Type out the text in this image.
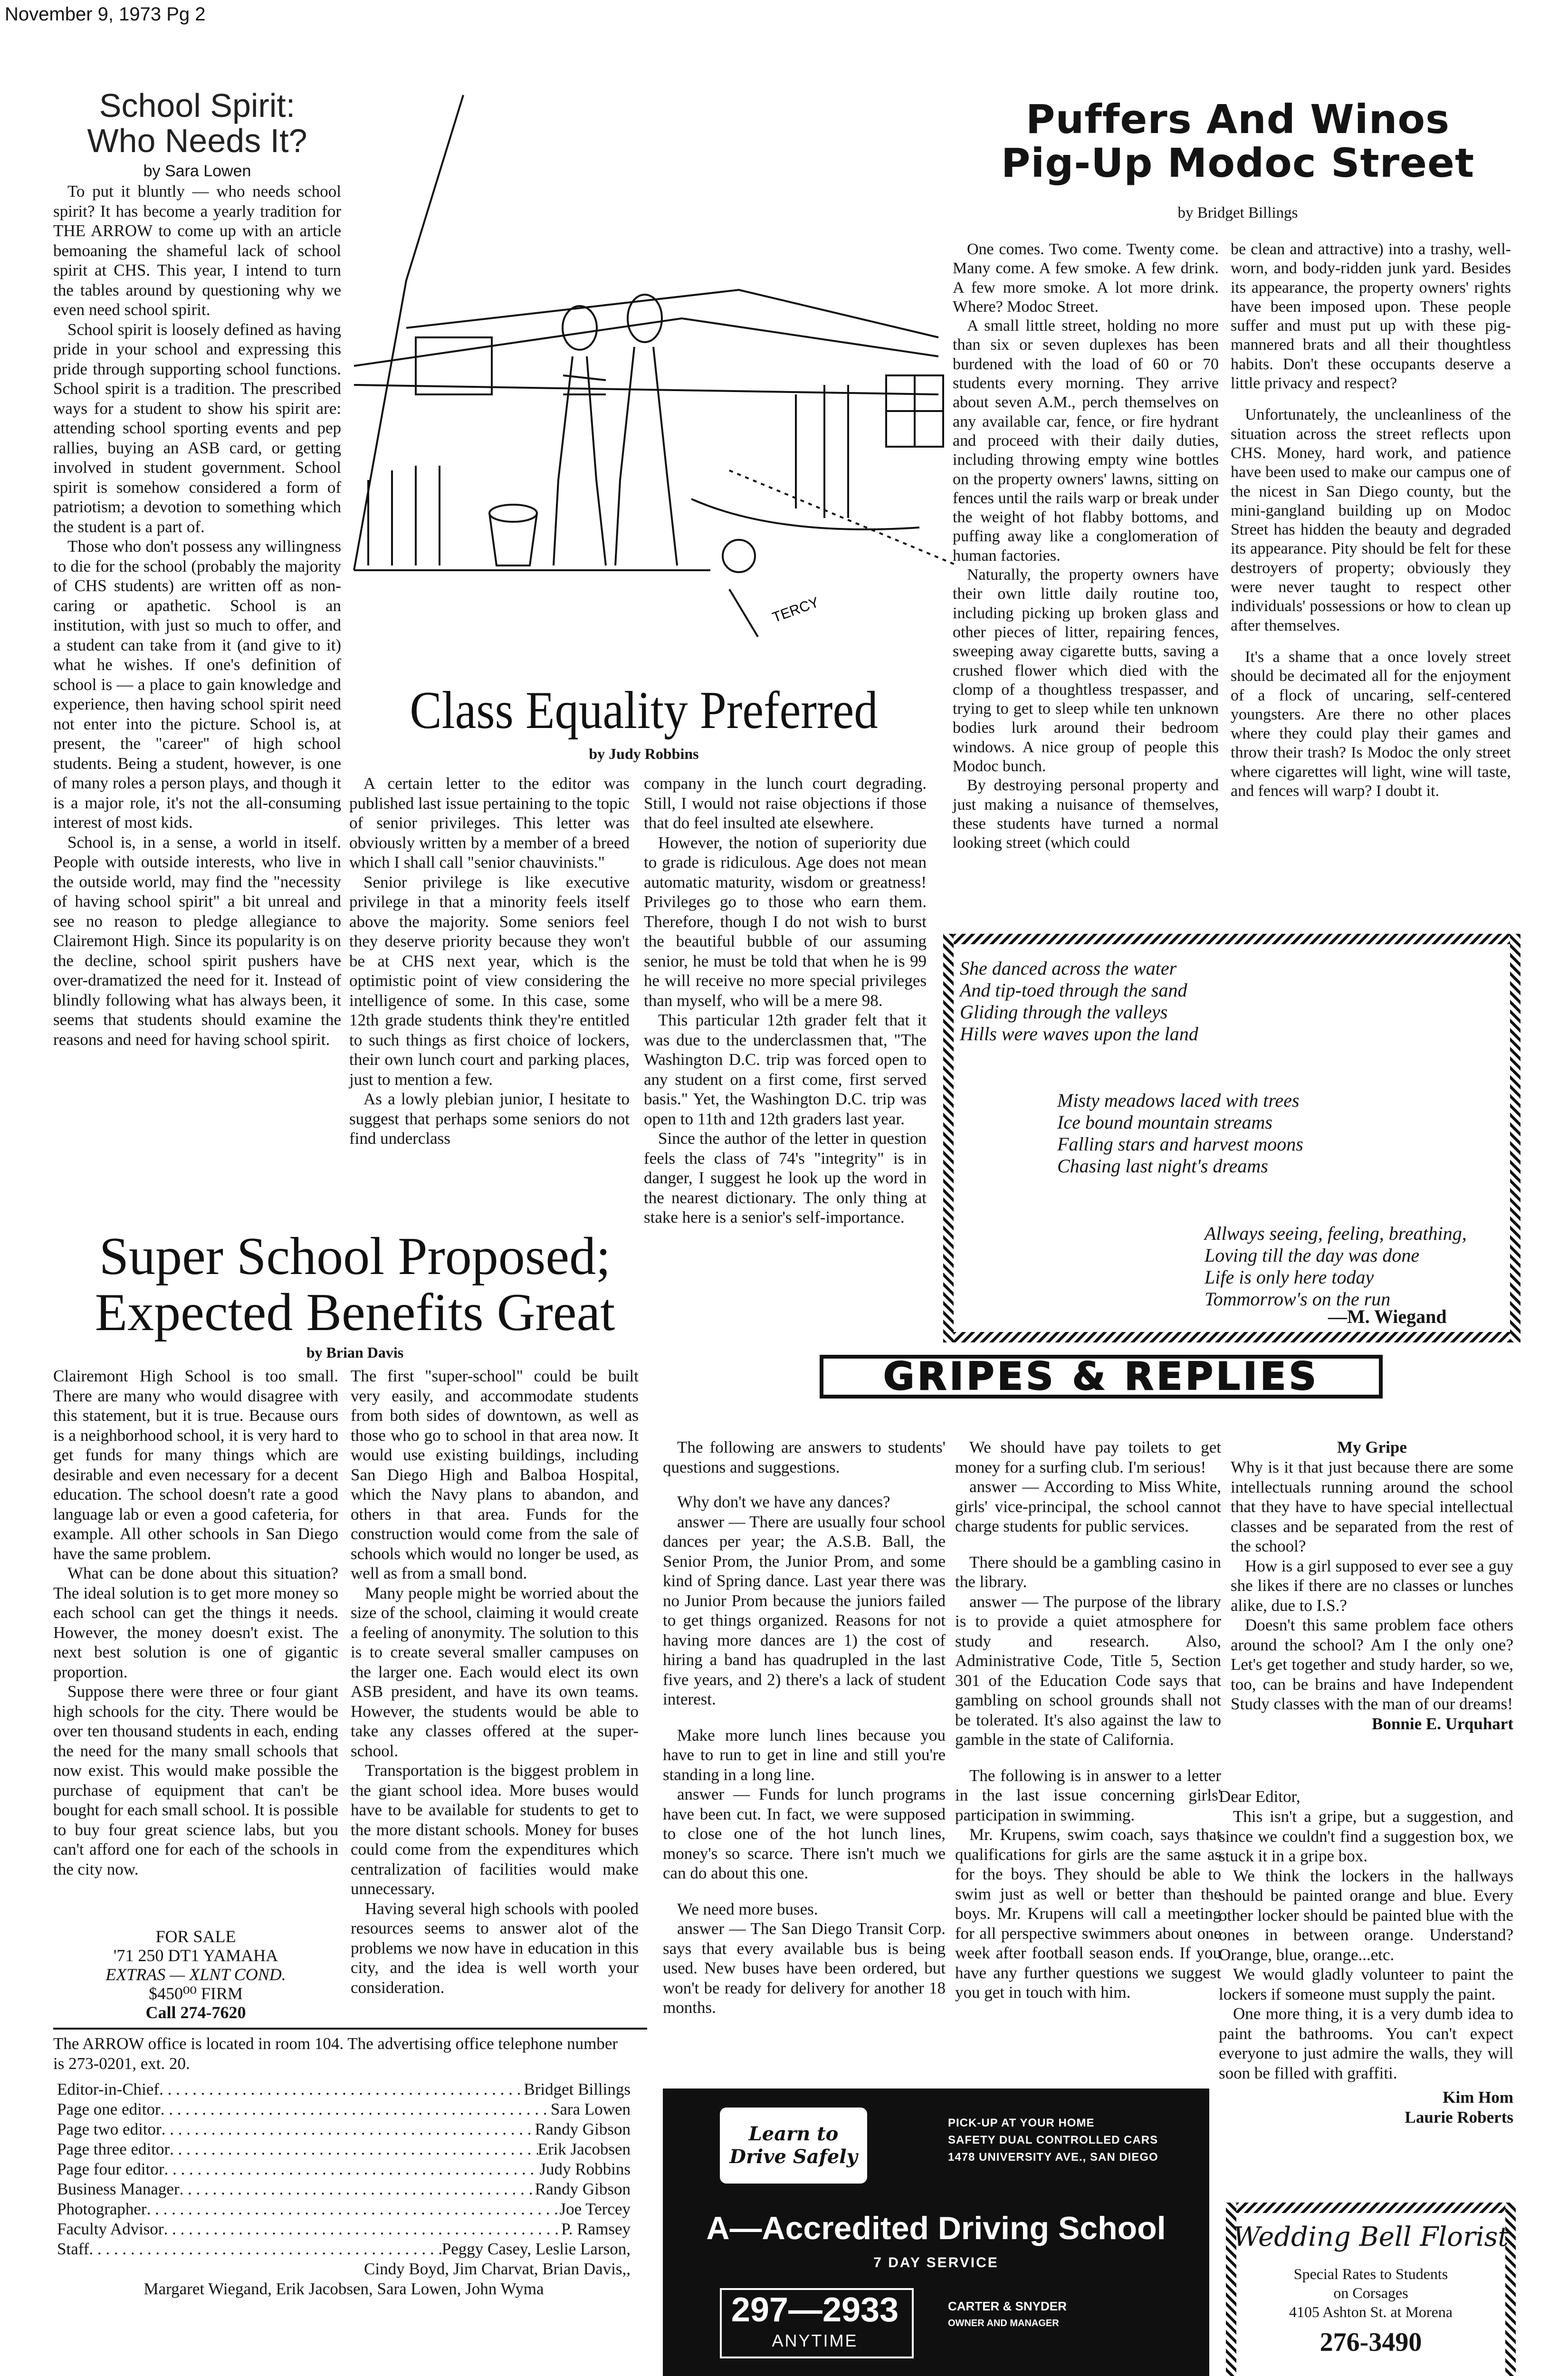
November 9, 1973 Pg 2
School Spirit:
Who Needs It?
by Sara Lowen

To put it bluntly — who needs school spirit? It has become a yearly tradition for THE ARROW to come up with an article bemoaning the shameful lack of school spirit at CHS. This year, I intend to turn the tables around by questioning why we even need school spirit.

School spirit is loosely defined as having pride in your school and expressing this pride through supporting school functions. School spirit is a tradition. The prescribed ways for a student to show his spirit are: attending school sporting events and pep rallies, buying an ASB card, or getting involved in student government. School spirit is somehow considered a form of patriotism; a devotion to something which the student is a part of.

Those who don't possess any willingness to die for the school (probably the majority of CHS students) are written off as non-caring or apathetic. School is an institution, with just so much to offer, and a student can take from it (and give to it) what he wishes. If one's definition of school is — a place to gain knowledge and experience, then having school spirit need not enter into the picture. School is, at present, the "career" of high school students. Being a student, however, is one of many roles a person plays, and though it is a major role, it's not the all-consuming interest of most kids.

School is, in a sense, a world in itself. People with outside interests, who live in the outside world, may find the "necessity of having school spirit" a bit unreal and see no reason to pledge allegiance to Clairemont High. Since its popularity is on the decline, school spirit pushers have over-dramatized the need for it. Instead of blindly following what has always been, it seems that students should examine the reasons and need for having school spirit.

TERCY
Class Equality Preferred
by Judy Robbins

A certain letter to the editor was published last issue pertaining to the topic of senior privileges. This letter was obviously written by a member of a breed which I shall call "senior chauvinists."

Senior privilege is like executive privilege in that a minority feels itself above the majority. Some seniors feel they deserve priority because they won't be at CHS next year, which is the optimistic point of view considering the intelligence of some. In this case, some 12th grade students think they're entitled to such things as first choice of lockers, their own lunch court and parking places, just to mention a few.

As a lowly plebian junior, I hesitate to suggest that perhaps some seniors do not find underclass

company in the lunch court degrading. Still, I would not raise objections if those that do feel insulted ate elsewhere.

However, the notion of superiority due to grade is ridiculous. Age does not mean automatic maturity, wisdom or greatness! Privileges go to those who earn them. Therefore, though I do not wish to burst the beautiful bubble of our assuming senior, he must be told that when he is 99 he will receive no more special privileges than myself, who will be a mere 98.

This particular 12th grader felt that it was due to the underclassmen that, "The Washington D.C. trip was forced open to any student on a first come, first served basis." Yet, the Washington D.C. trip was open to 11th and 12th graders last year.

Since the author of the letter in question feels the class of 74's "integrity" is in danger, I suggest he look up the word in the nearest dictionary. The only thing at stake here is a senior's self-importance.

Puffers And Winos
Pig-Up Modoc Street
by Bridget Billings

One comes. Two come. Twenty come. Many come. A few smoke. A few drink. A few more smoke. A lot more drink. Where? Modoc Street.

A small little street, holding no more than six or seven duplexes has been burdened with the load of 60 or 70 students every morning. They arrive about seven A.M., perch themselves on any available car, fence, or fire hydrant and proceed with their daily duties, including throwing empty wine bottles on the property owners' lawns, sitting on fences until the rails warp or break under the weight of hot flabby bottoms, and puffing away like a conglomeration of human factories.

Naturally, the property owners have their own little daily routine too, including picking up broken glass and other pieces of litter, repairing fences, sweeping away cigarette butts, saving a crushed flower which died with the clomp of a thoughtless trespasser, and trying to get to sleep while ten unknown bodies lurk around their bedroom windows. A nice group of people this Modoc bunch.

By destroying personal property and just making a nuisance of themselves, these students have turned a normal looking street (which could

be clean and attractive) into a trashy, well-worn, and body-ridden junk yard. Besides its appearance, the property owners' rights have been imposed upon. These people suffer and must put up with these pig-mannered brats and all their thoughtless habits. Don't these occupants deserve a little privacy and respect?

Unfortunately, the uncleanliness of the situation across the street reflects upon CHS. Money, hard work, and patience have been used to make our campus one of the nicest in San Diego county, but the mini-gangland building up on Modoc Street has hidden the beauty and degraded its appearance. Pity should be felt for these destroyers of property; obviously they were never taught to respect other individuals' possessions or how to clean up after themselves.

It's a shame that a once lovely street should be decimated all for the enjoyment of a flock of uncaring, self-centered youngsters. Are there no other places where they could play their games and throw their trash? Is Modoc the only street where cigarettes will light, wine will taste, and fences will warp? I doubt it.

She danced across the water

And tip-toed through the sand

Gliding through the valleys

Hills were waves upon the land

Misty meadows laced with trees

Ice bound mountain streams

Falling stars and harvest moons

Chasing last night's dreams

Allways seeing, feeling, breathing,

Loving till the day was done

Life is only here today

Tommorrow's on the run

—M. Wiegand
Super School Proposed;
Expected Benefits Great
by Brian Davis

Clairemont High School is too small. There are many who would disagree with this statement, but it is true. Because ours is a neighborhood school, it is very hard to get funds for many things which are desirable and even necessary for a decent education. The school doesn't rate a good language lab or even a good cafeteria, for example. All other schools in San Diego have the same problem.

What can be done about this situation? The ideal solution is to get more money so each school can get the things it needs. However, the money doesn't exist. The next best solution is one of gigantic proportion.

Suppose there were three or four giant high schools for the city. There would be over ten thousand students in each, ending the need for the many small schools that now exist. This would make possible the purchase of equipment that can't be bought for each small school. It is possible to buy four great science labs, but you can't afford one for each of the schools in the city now.

The first "super-school" could be built very easily, and accommodate students from both sides of downtown, as well as those who go to school in that area now. It would use existing buildings, including San Diego High and Balboa Hospital, which the Navy plans to abandon, and others in that area. Funds for the construction would come from the sale of schools which would no longer be used, as well as from a small bond.

Many people might be worried about the size of the school, claiming it would create a feeling of anonymity. The solution to this is to create several smaller campuses on the larger one. Each would elect its own ASB president, and have its own teams. However, the students would be able to take any classes offered at the super-school.

Transportation is the biggest problem in the giant school idea. More buses would have to be available for students to get to the more distant schools. Money for buses could come from the expenditures which centralization of facilities would make unnecessary.

Having several high schools with pooled resources seems to answer alot of the problems we now have in education in this city, and the idea is well worth your consideration.

FOR SALE
'71 250 DT1 YAMAHA
EXTRAS — XLNT COND.
$450⁰⁰ FIRM
Call 274-7620
The ARROW office is located in room 104. The advertising office telephone number is 273-0201, ext. 20.
Editor-in-Chief . . .	Bridget Billings
Page one editor . . .	Sara Lowen
Page two editor . . .	Randy Gibson
Page three editor . . .	Erik Jacobsen
Page four editor . . .	Judy Robbins
Business Manager . . .	Randy Gibson
Photographer . . .	Joe Tercey
Faculty Advisor . . .	P. Ramsey
Staff . . .	Peggy Casey, Leslie Larson,
Cindy Boyd, Jim Charvat, Brian Davis,,
Margaret Wiegand, Erik Jacobsen, Sara Lowen, John Wyma
GRIPES & REPLIES

The following are answers to students' questions and suggestions.

Why don't we have any dances?

answer — There are usually four school dances per year; the A.S.B. Ball, the Senior Prom, the Junior Prom, and some kind of Spring dance. Last year there was no Junior Prom because the juniors failed to get things organized. Reasons for not having more dances are 1) the cost of hiring a band has quadrupled in the last five years, and 2) there's a lack of student interest.

Make more lunch lines because you have to run to get in line and still you're standing in a long line.

answer — Funds for lunch programs have been cut. In fact, we were supposed to close one of the hot lunch lines, money's so scarce. There isn't much we can do about this one.

We need more buses.

answer — The San Diego Transit Corp. says that every available bus is being used. New buses have been ordered, but won't be ready for delivery for another 18 months.

We should have pay toilets to get money for a surfing club. I'm serious!

answer — According to Miss White, girls' vice-principal, the school cannot charge students for public services.

There should be a gambling casino in the library.

answer — The purpose of the library is to provide a quiet atmosphere for study and research. Also, Administrative Code, Title 5, Section 301 of the Education Code says that gambling on school grounds shall not be tolerated. It's also against the law to gamble in the state of California.

The following is in answer to a letter in the last issue concerning girls' participation in swimming.

Mr. Krupens, swim coach, says that qualifications for girls are the same as for the boys. They should be able to swim just as well or better than the boys. Mr. Krupens will call a meeting for all perspective swimmers about one week after football season ends. If you have any further questions we suggest you get in touch with him.

My Gripe

Why is it that just because there are some intellectuals running around the school that they have to have special intellectual classes and be separated from the rest of the school?

How is a girl supposed to ever see a guy she likes if there are no classes or lunches alike, due to I.S.?

Doesn't this same problem face others around the school? Am I the only one? Let's get together and study harder, so we, too, can be brains and have Independent Study classes with the man of our dreams!

Bonnie E. Urquhart
Dear Editor,

This isn't a gripe, but a suggestion, and since we couldn't find a suggestion box, we stuck it in a gripe box.

We think the lockers in the hallways should be painted orange and blue. Every other locker should be painted blue with the ones in between orange. Understand? Orange, blue, orange...etc.

We would gladly volunteer to paint the lockers if someone must supply the paint.

One more thing, it is a very dumb idea to paint the bathrooms. You can't expect everyone to just admire the walls, they will soon be filled with graffiti.

Kim Hom
Laurie Roberts
Learn to Drive Safely
PICK-UP AT YOUR HOME
SAFETY DUAL CONTROLLED CARS
1478 UNIVERSITY AVE., SAN DIEGO
A—Accredited Driving School
7 DAY SERVICE
297—2933
ANYTIME
CARTER & SNYDER
OWNER AND MANAGER
Wedding Bell Florist
Special Rates to Students
on Corsages
4105 Ashton St. at Morena
276-3490
